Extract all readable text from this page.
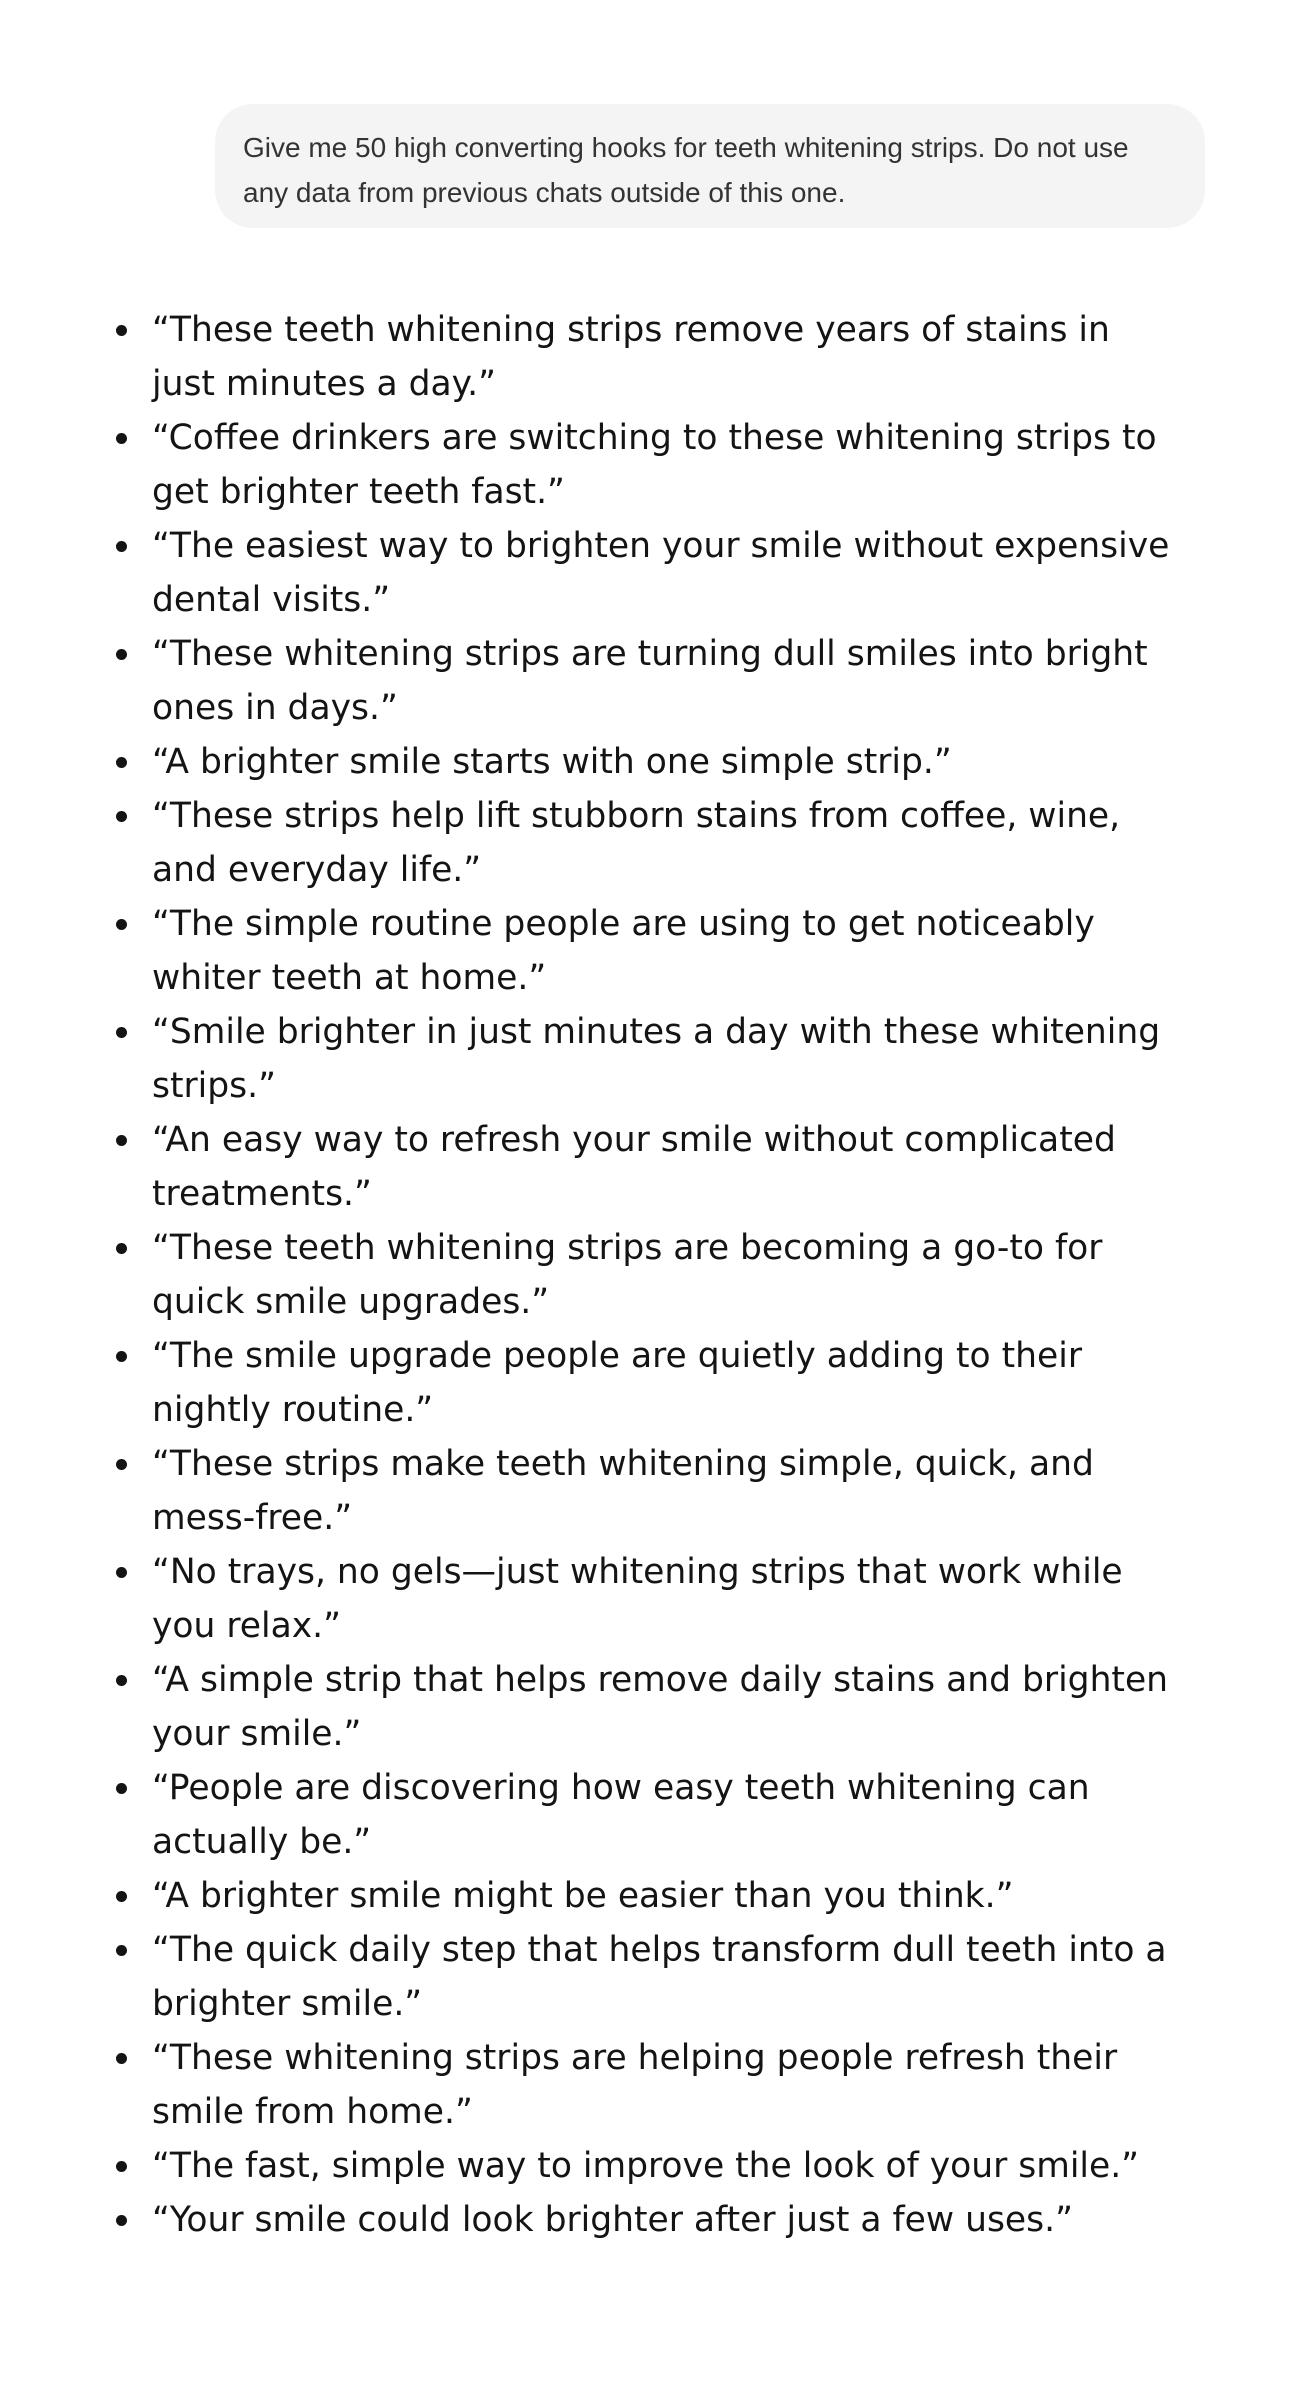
Give me 50 high converting hooks for teeth whitening strips. Do not use any data from previous chats outside of this one.
“These teeth whitening strips remove years of stains in just minutes a day.”
“Coffee drinkers are switching to these whitening strips to get brighter teeth fast.”
“The easiest way to brighten your smile without expensive dental visits.”
“These whitening strips are turning dull smiles into bright ones in days.”
“A brighter smile starts with one simple strip.”
“These strips help lift stubborn stains from coffee, wine, and everyday life.”
“The simple routine people are using to get noticeably whiter teeth at home.”
“Smile brighter in just minutes a day with these whitening strips.”
“An easy way to refresh your smile without complicated treatments.”
“These teeth whitening strips are becoming a go-to for quick smile upgrades.”
“The smile upgrade people are quietly adding to their nightly routine.”
“These strips make teeth whitening simple, quick, and mess-free.”
“No trays, no gels—just whitening strips that work while you relax.”
“A simple strip that helps remove daily stains and brighten your smile.”
“People are discovering how easy teeth whitening can actually be.”
“A brighter smile might be easier than you think.”
“The quick daily step that helps transform dull teeth into a brighter smile.”
“These whitening strips are helping people refresh their smile from home.”
“The fast, simple way to improve the look of your smile.”
“Your smile could look brighter after just a few uses.”
